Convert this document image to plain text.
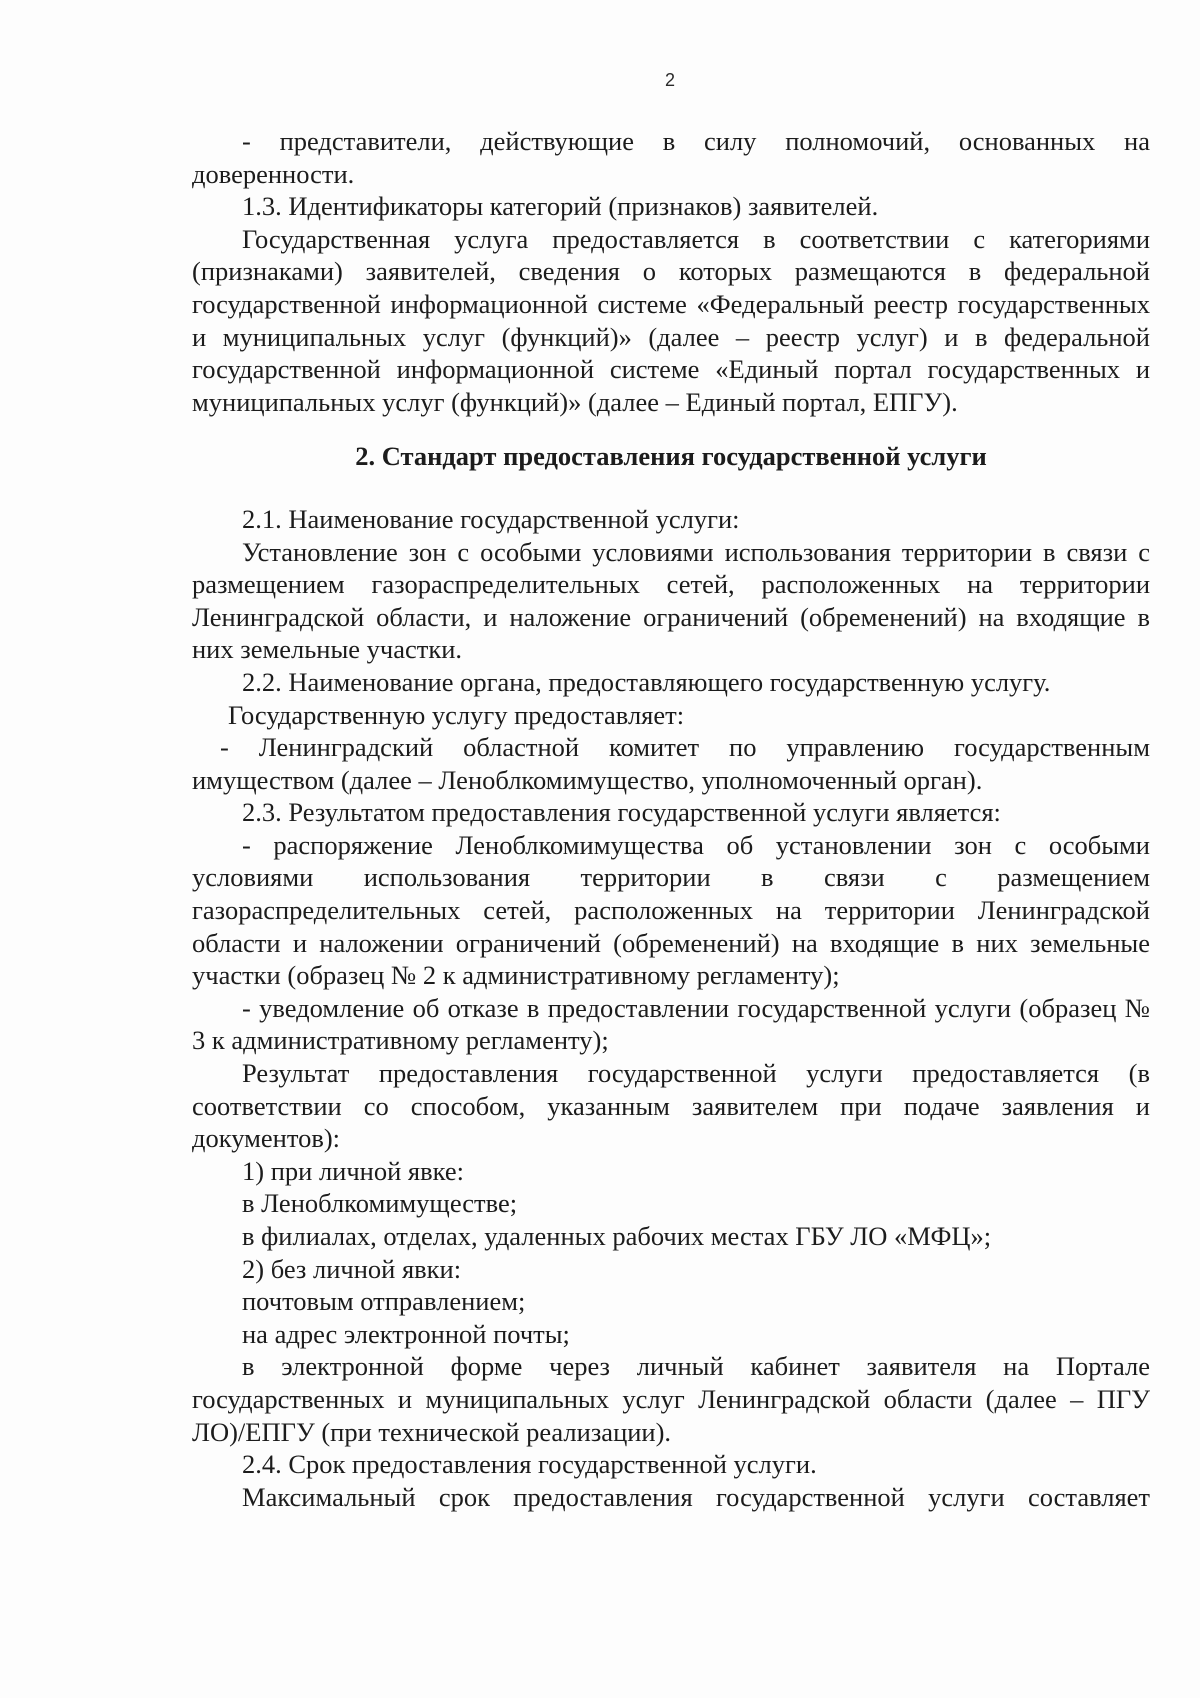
2

- представители, действующие в силу полномочий, основанных на доверенности.

1.3. Идентификаторы категорий (признаков) заявителей.

Государственная услуга предоставляется в соответствии с категориями (признаками) заявителей, сведения о которых размещаются в федеральной государственной информационной системе «Федеральный реестр государственных и муниципальных услуг (функций)» (далее – реестр услуг) и в федеральной государственной информационной системе «Единый портал государственных и муниципальных услуг (функций)» (далее – Единый портал, ЕПГУ).

2. Стандарт предоставления государственной услуги

2.1. Наименование государственной услуги:

Установление зон с особыми условиями использования территории в связи с размещением газораспределительных сетей, расположенных на территории Ленинградской области, и наложение ограничений (обременений) на входящие в них земельные участки.

2.2. Наименование органа, предоставляющего государственную услугу.

Государственную услугу предоставляет:

- Ленинградский областной комитет по управлению государственным имуществом (далее – Леноблкомимущество, уполномоченный орган).

2.3. Результатом предоставления государственной услуги является:

- распоряжение Леноблкомимущества об установлении зон с особыми условиями использования территории в связи с размещением газораспределительных сетей, расположенных на территории Ленинградской области и наложении ограничений (обременений) на входящие в них земельные участки (образец № 2 к административному регламенту);

- уведомление об отказе в предоставлении государственной услуги (образец № 3 к административному регламенту);

Результат предоставления государственной услуги предоставляется (в соответствии со способом, указанным заявителем при подаче заявления и документов):

1) при личной явке:

в Леноблкомимуществе;

в филиалах, отделах, удаленных рабочих местах ГБУ ЛО «МФЦ»;

2) без личной явки:

почтовым отправлением;

на адрес электронной почты;

в электронной форме через личный кабинет заявителя на Портале государственных и муниципальных услуг Ленинградской области (далее – ПГУ ЛО)/ЕПГУ (при технической реализации).

2.4. Срок предоставления государственной услуги.

Максимальный срок предоставления государственной услуги составляет
